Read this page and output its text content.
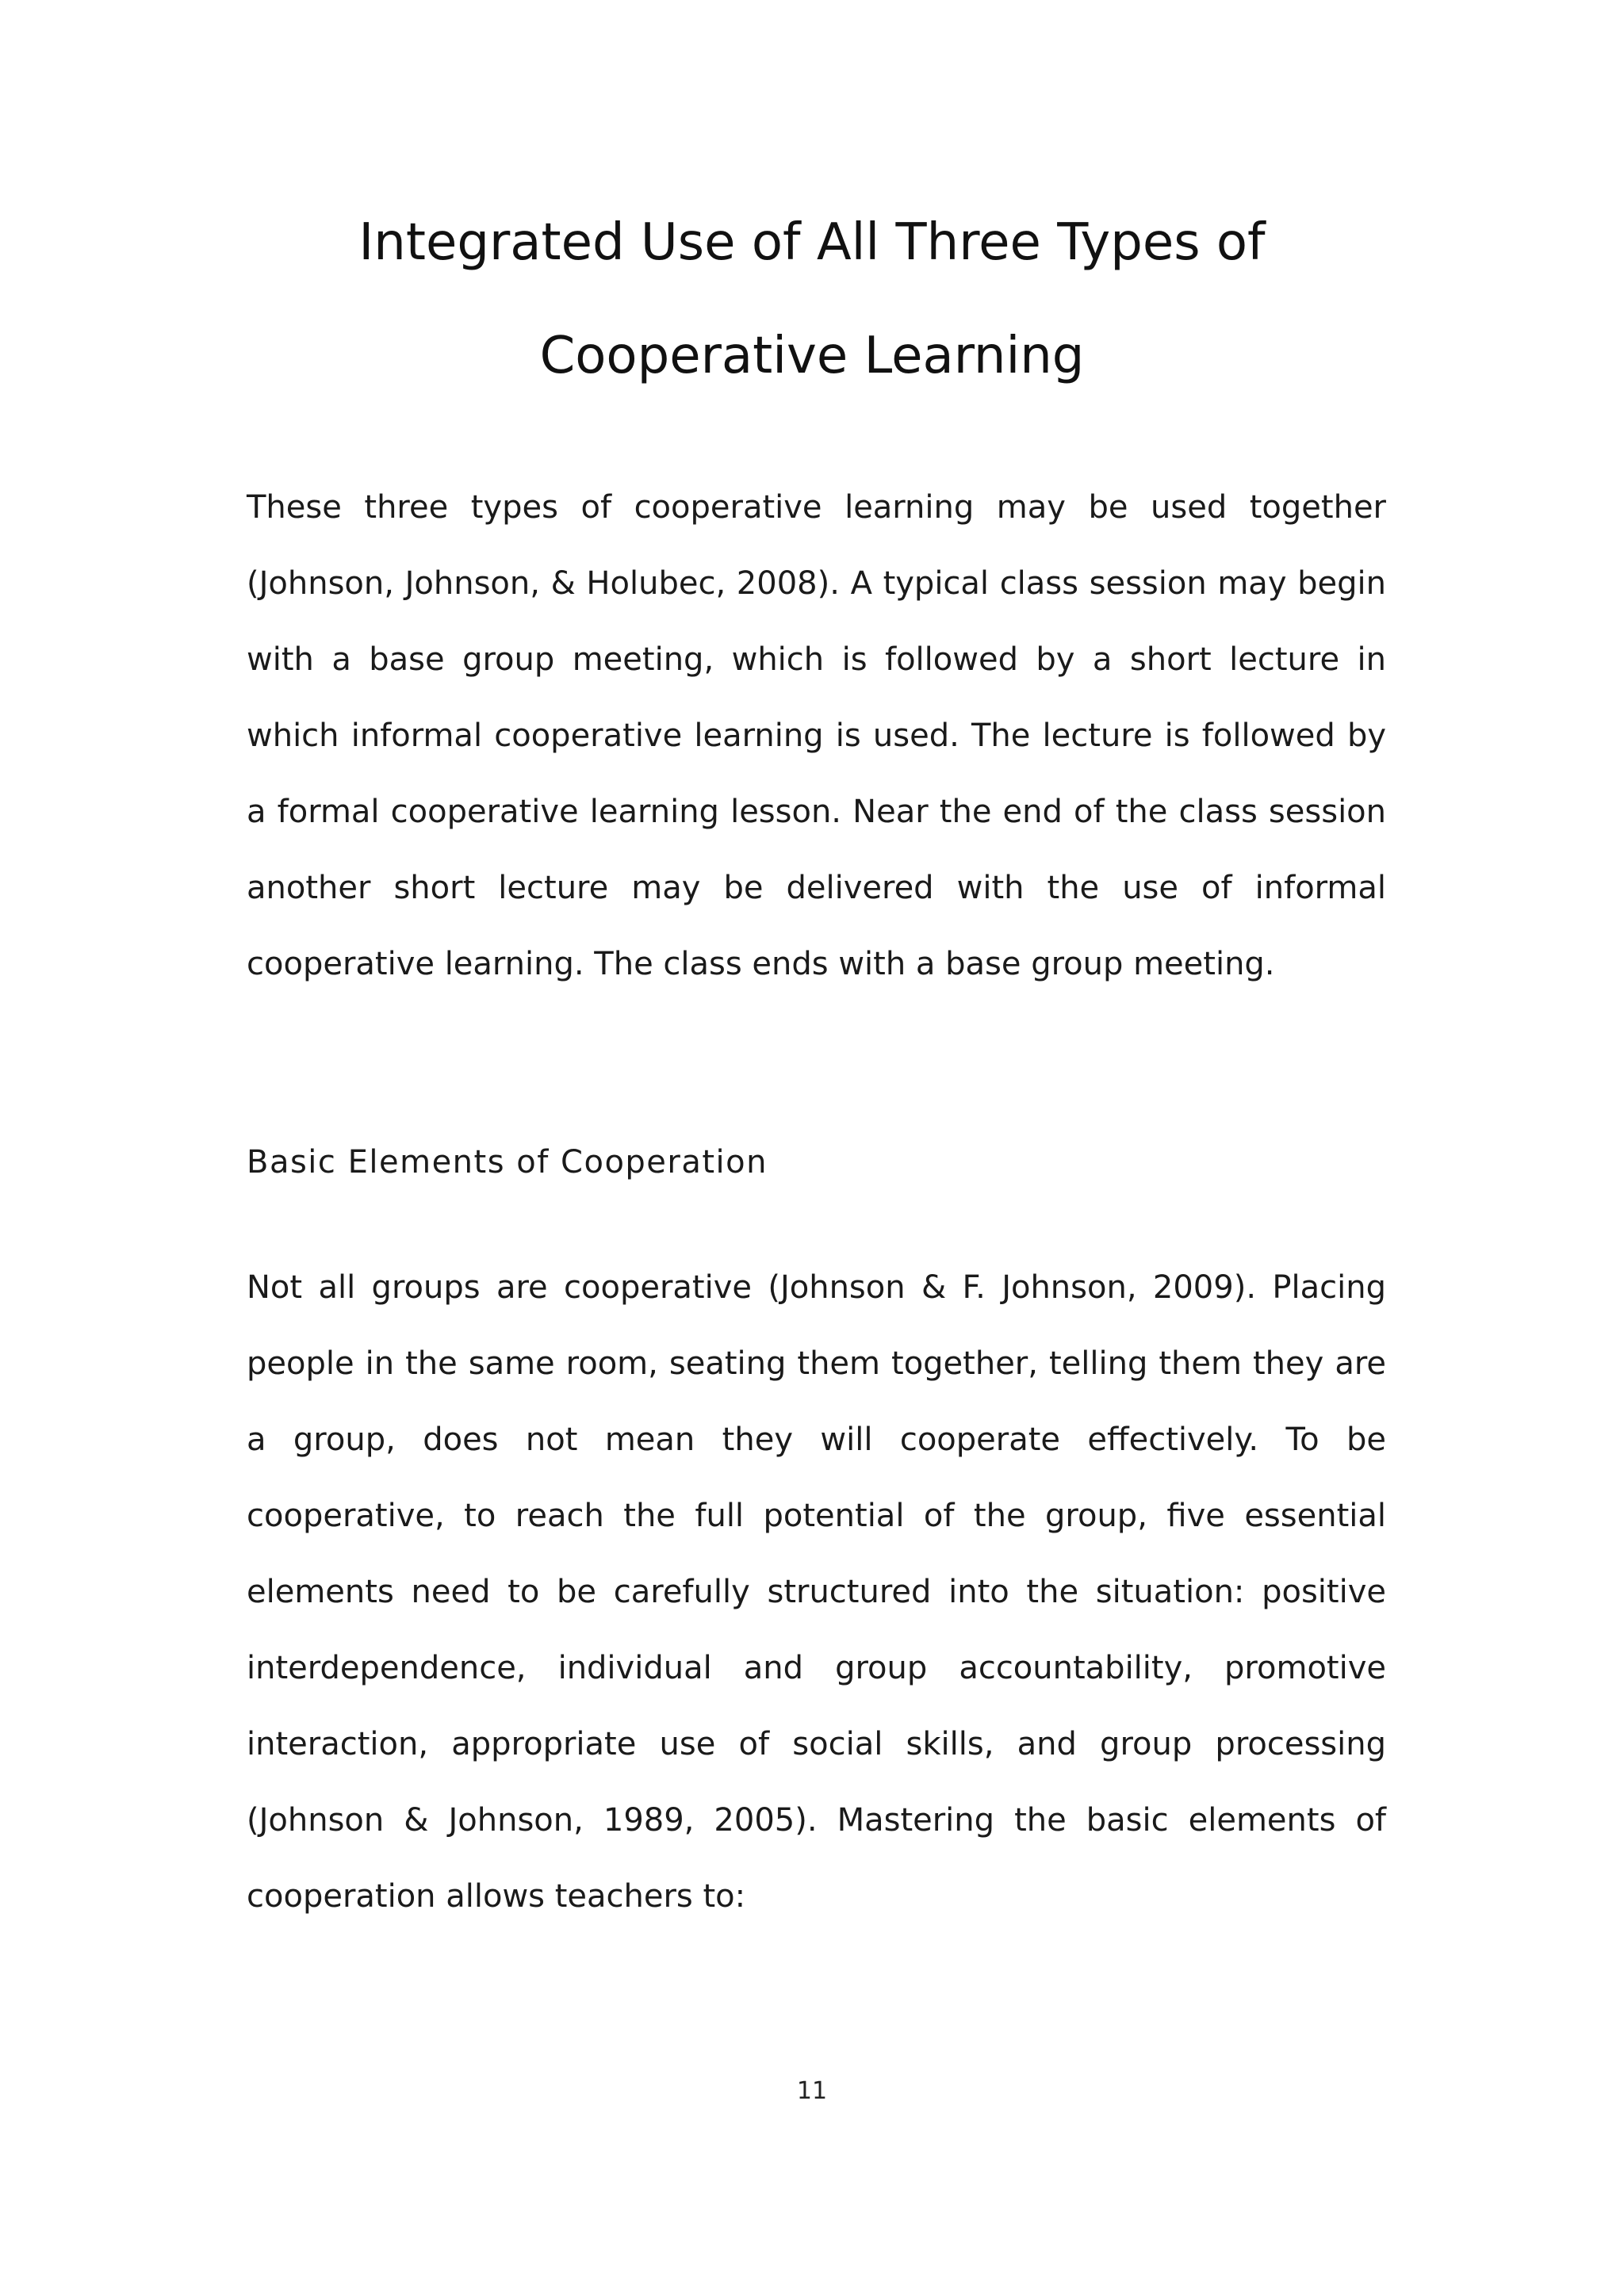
Integrated Use of All Three Types of
Cooperative Learning

These three types of cooperative learning may be used together (Johnson, Johnson, & Holubec, 2008). A typical class session may begin with a base group meeting, which is followed by a short lecture in which informal cooperative learning is used. The lecture is followed by a formal cooperative learning lesson. Near the end of the class session another short lecture may be delivered with the use of informal cooperative learning. The class ends with a base group meeting.

Basic Elements of Cooperation

Not all groups are cooperative (Johnson & F. Johnson, 2009). Placing people in the same room, seating them together, telling them they are a group, does not mean they will cooperate effectively. To be cooperative, to reach the full potential of the group, five essential elements need to be carefully structured into the situation: positive interdependence, individual and group accountability, promotive interaction, appropriate use of social skills, and group processing (Johnson & Johnson, 1989, 2005). Mastering the basic elements of cooperation allows teachers to:

11
